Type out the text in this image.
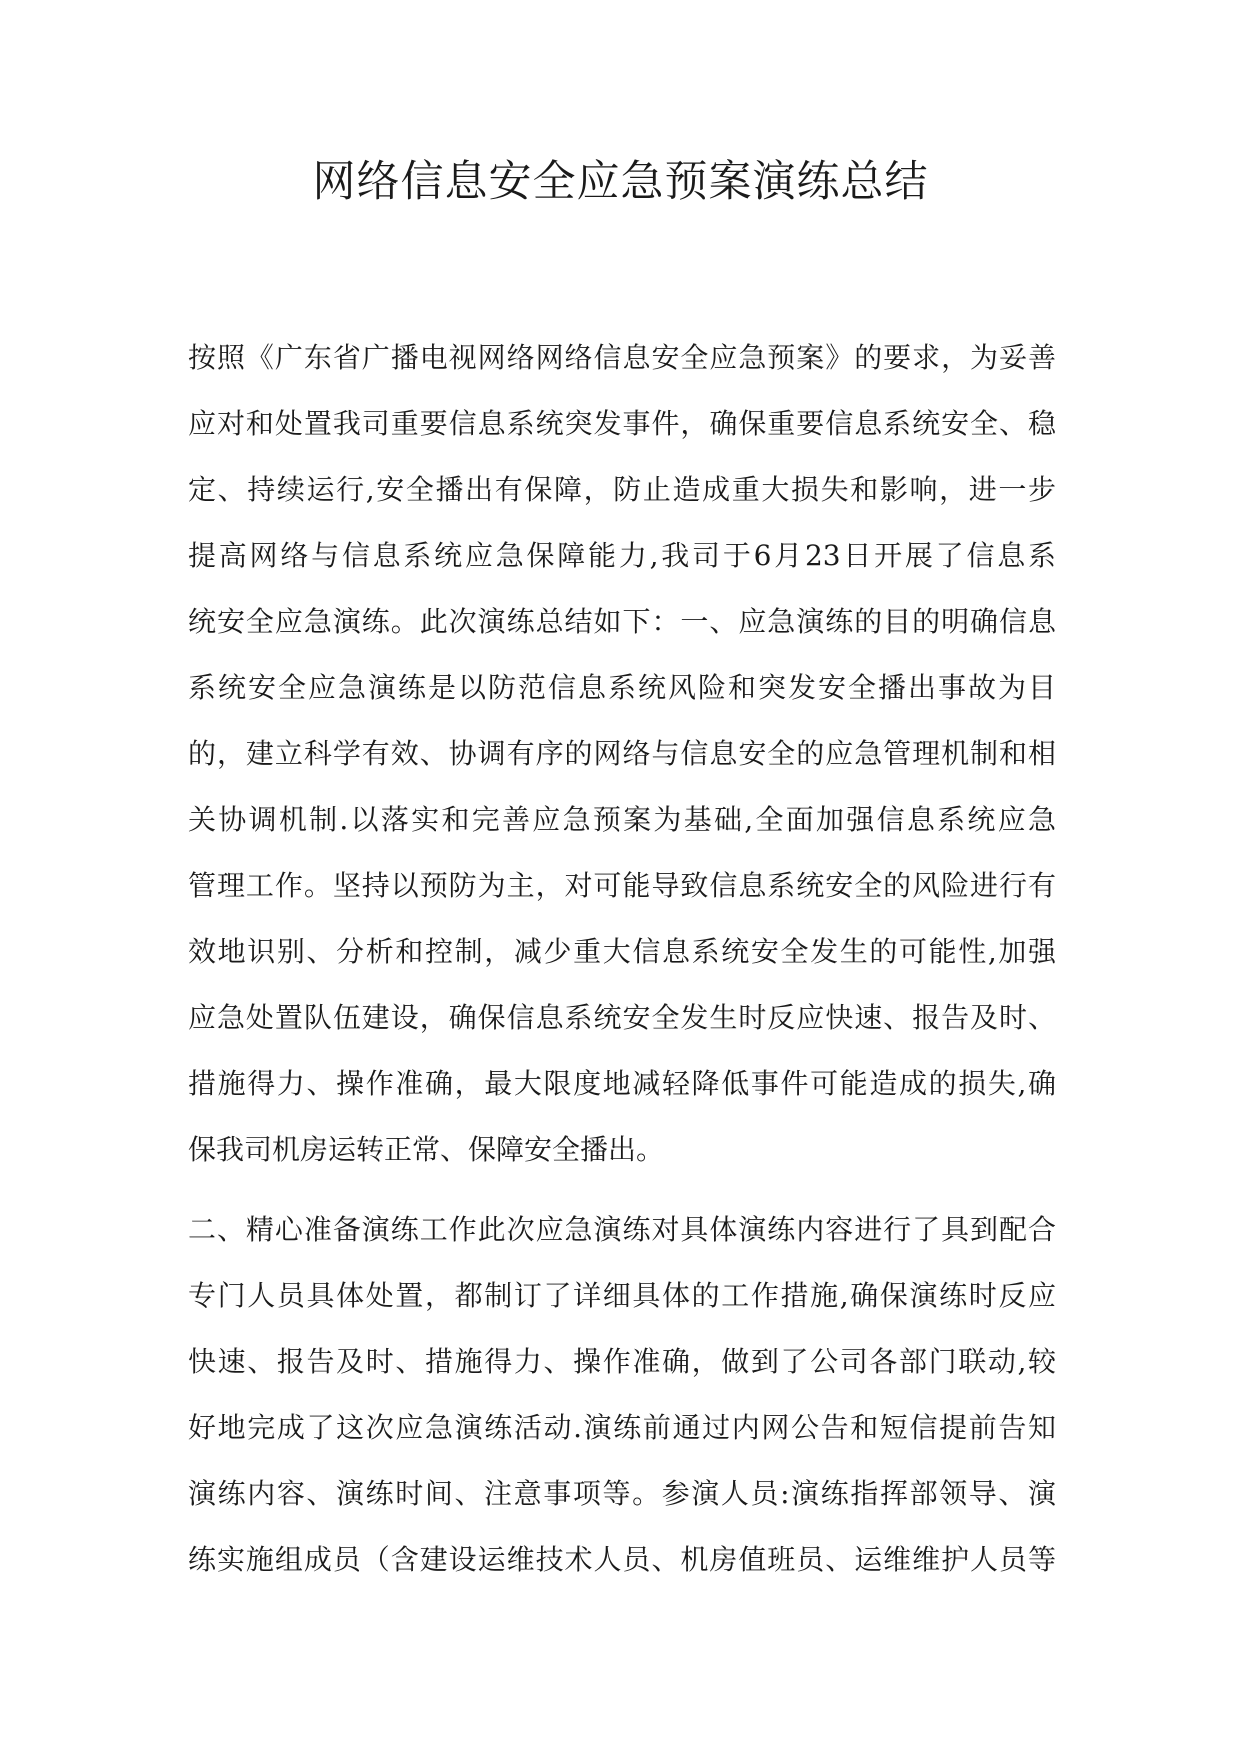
网络信息安全应急预案演练总结
按照《广东省广播电视网络网络信息安全应急预案》的要求，为妥善
应对和处置我司重要信息系统突发事件，确保重要信息系统安全、稳
定、持续运行,安全播出有保障，防止造成重大损失和影响，进一步
提高网络与信息系统应急保障能力,我司于6月23日开展了信息系
统安全应急演练。此次演练总结如下：一、应急演练的目的明确信息
系统安全应急演练是以防范信息系统风险和突发安全播出事故为目
的，建立科学有效、协调有序的网络与信息安全的应急管理机制和相
关协调机制.以落实和完善应急预案为基础,全面加强信息系统应急
管理工作。坚持以预防为主，对可能导致信息系统安全的风险进行有
效地识别、分析和控制，减少重大信息系统安全发生的可能性,加强
应急处置队伍建设，确保信息系统安全发生时反应快速、报告及时、
措施得力、操作准确，最大限度地减轻降低事件可能造成的损失,确
保我司机房运转正常、保障安全播出。
二、精心准备演练工作此次应急演练对具体演练内容进行了具到配合
专门人员具体处置，都制订了详细具体的工作措施,确保演练时反应
快速、报告及时、措施得力、操作准确，做到了公司各部门联动,较
好地完成了这次应急演练活动.演练前通过内网公告和短信提前告知
演练内容、演练时间、注意事项等。参演人员:演练指挥部领导、演
练实施组成员（含建设运维技术人员、机房值班员、运维维护人员等
